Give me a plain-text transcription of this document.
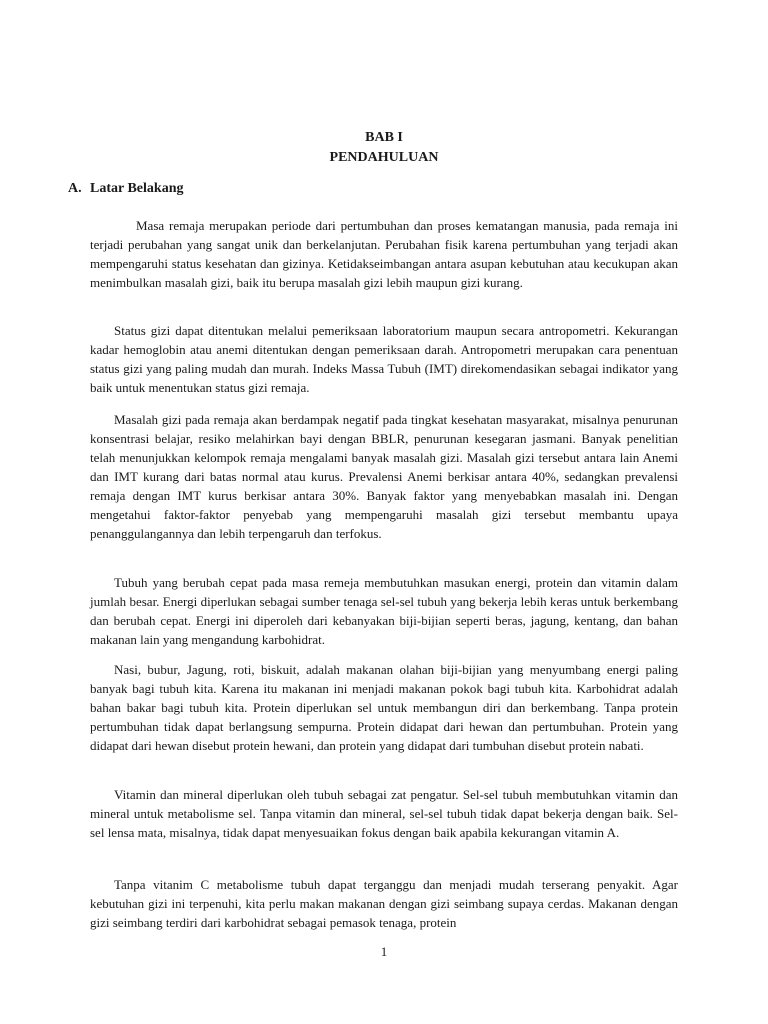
BAB I
PENDAHULUAN
A. Latar Belakang

Masa remaja merupakan periode dari pertumbuhan dan proses kematangan manusia, pada remaja ini terjadi perubahan yang sangat unik dan berkelanjutan. Perubahan fisik karena pertumbuhan yang terjadi akan mempengaruhi status kesehatan dan gizinya. Ketidakseimbangan antara asupan kebutuhan atau kecukupan akan menimbulkan masalah gizi, baik itu berupa masalah gizi lebih maupun gizi kurang.

Status gizi dapat ditentukan melalui pemeriksaan laboratorium maupun secara antropometri. Kekurangan kadar hemoglobin atau anemi ditentukan dengan pemeriksaan darah. Antropometri merupakan cara penentuan status gizi yang paling mudah dan murah. Indeks Massa Tubuh (IMT) direkomendasikan sebagai indikator yang baik untuk menentukan status gizi remaja.

Masalah gizi pada remaja akan berdampak negatif pada tingkat kesehatan masyarakat, misalnya penurunan konsentrasi belajar, resiko melahirkan bayi dengan BBLR, penurunan kesegaran jasmani. Banyak penelitian telah menunjukkan kelompok remaja mengalami banyak masalah gizi. Masalah gizi tersebut antara lain Anemi dan IMT kurang dari batas normal atau kurus. Prevalensi Anemi berkisar antara 40%, sedangkan prevalensi remaja dengan IMT kurus berkisar antara 30%. Banyak faktor yang menyebabkan masalah ini. Dengan mengetahui faktor-faktor penyebab yang mempengaruhi masalah gizi tersebut membantu upaya penanggulangannya dan lebih terpengaruh dan terfokus.

Tubuh yang berubah cepat pada masa remeja membutuhkan masukan energi, protein dan vitamin dalam jumlah besar. Energi diperlukan sebagai sumber tenaga sel-sel tubuh yang bekerja lebih keras untuk berkembang dan berubah cepat. Energi ini diperoleh dari kebanyakan biji-bijian seperti beras, jagung, kentang, dan bahan makanan lain yang mengandung karbohidrat.

Nasi, bubur, Jagung, roti, biskuit, adalah makanan olahan biji-bijian yang menyumbang energi paling banyak bagi tubuh kita. Karena itu makanan ini menjadi makanan pokok bagi tubuh kita. Karbohidrat adalah bahan bakar bagi tubuh kita. Protein diperlukan sel untuk membangun diri dan berkembang. Tanpa protein pertumbuhan tidak dapat berlangsung sempurna. Protein didapat dari hewan dan pertumbuhan. Protein yang didapat dari hewan disebut protein hewani, dan protein yang didapat dari tumbuhan disebut protein nabati.

Vitamin dan mineral diperlukan oleh tubuh sebagai zat pengatur. Sel-sel tubuh membutuhkan vitamin dan mineral untuk metabolisme sel. Tanpa vitamin dan mineral, sel-sel tubuh tidak dapat bekerja dengan baik. Sel-sel lensa mata, misalnya, tidak dapat menyesuaikan fokus dengan baik apabila kekurangan vitamin A.

Tanpa vitanim C metabolisme tubuh dapat terganggu dan menjadi mudah terserang penyakit. Agar kebutuhan gizi ini terpenuhi, kita perlu makan makanan dengan gizi seimbang supaya cerdas. Makanan dengan gizi seimbang terdiri dari karbohidrat sebagai pemasok tenaga, protein

1
